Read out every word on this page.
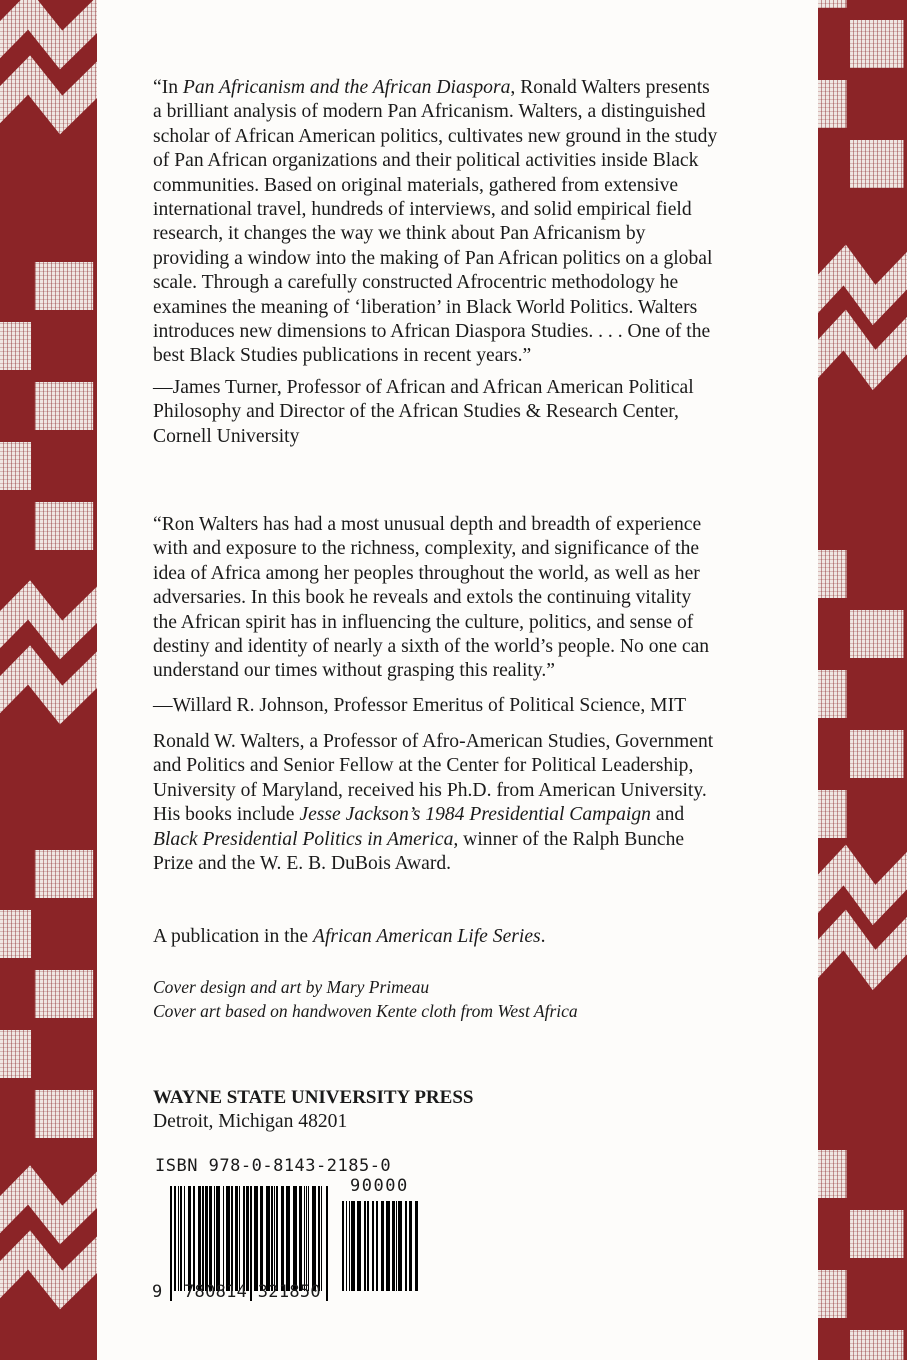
“In Pan Africanism and the African Diaspora, Ronald Walters presents
a brilliant analysis of modern Pan Africanism. Walters, a distinguished
scholar of African American politics, cultivates new ground in the study
of Pan African organizations and their political activities inside Black
communities. Based on original materials, gathered from extensive
international travel, hundreds of interviews, and solid empirical field
research, it changes the way we think about Pan Africanism by
providing a window into the making of Pan African politics on a global
scale. Through a carefully constructed Afrocentric methodology he
examines the meaning of ‘liberation’ in Black World Politics. Walters
introduces new dimensions to African Diaspora Studies. . . . One of the
best Black Studies publications in recent years.”
—James Turner, Professor of African and African American Political
Philosophy and Director of the African Studies & Research Center,
Cornell University
“Ron Walters has had a most unusual depth and breadth of experience
with and exposure to the richness, complexity, and significance of the
idea of Africa among her peoples throughout the world, as well as her
adversaries. In this book he reveals and extols the continuing vitality
the African spirit has in influencing the culture, politics, and sense of
destiny and identity of nearly a sixth of the world’s people. No one can
understand our times without grasping this reality.”
—Willard R. Johnson, Professor Emeritus of Political Science, MIT
Ronald W. Walters, a Professor of Afro-American Studies, Government
and Politics and Senior Fellow at the Center for Political Leadership,
University of Maryland, received his Ph.D. from American University.
His books include Jesse Jackson’s 1984 Presidential Campaign and
Black Presidential Politics in America, winner of the Ralph Bunche
Prize and the W. E. B. DuBois Award.
A publication in the African American Life Series.
Cover design and art by Mary Primeau
Cover art based on handwoven Kente cloth from West Africa
WAYNE STATE UNIVERSITY PRESS
Detroit, Michigan 48201
ISBN 978-0-8143-2185-0
90000
9 780814 321850
